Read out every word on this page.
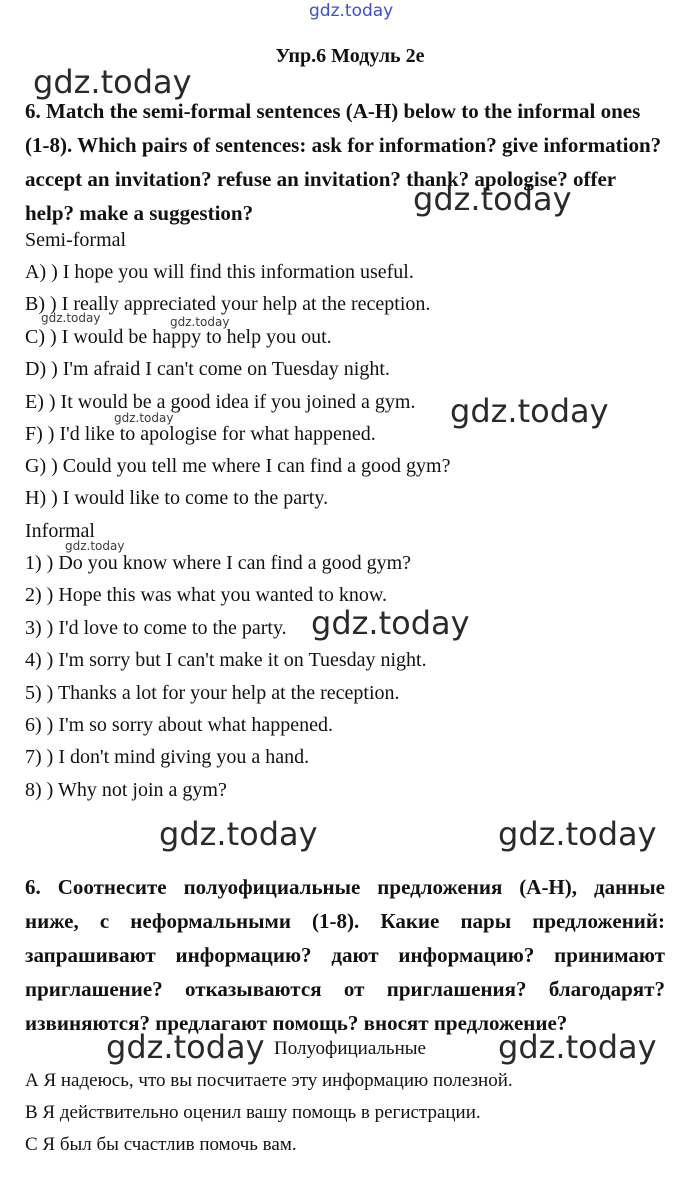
gdz.today
gdz.today
gdz.today
gdz.today	gdz.today
gdz.today
gdz.today
gdz.today
gdz.today
gdz.today	gdz.today
gdz.today	gdz.today
Упр.6 Модуль 2е
6. Match the semi-formal sentences (A-H) below to the informal ones (1-8). Which pairs of sentences: ask for information? give information? accept an invitation? refuse an invitation? thank? apologise? offer help? make a suggestion?
Semi-formal
A) ) I hope you will find this information useful.
B) ) I really appreciated your help at the reception.
C) ) I would be happy to help you out.
D) ) I'm afraid I can't come on Tuesday night.
E) ) It would be a good idea if you joined a gym.
F) ) I'd like to apologise for what happened.
G) ) Could you tell me where I can find a good gym?
H) ) I would like to come to the party.
Informal
1) ) Do you know where I can find a good gym?
2) ) Hope this was what you wanted to know.
3) ) I'd love to come to the party.
4) ) I'm sorry but I can't make it on Tuesday night.
5) ) Thanks a lot for your help at the reception.
6) ) I'm so sorry about what happened.
7) ) I don't mind giving you a hand.
8) ) Why not join a gym?
6. Соотнесите полуофициальные предложения (A-H), данные ниже, с неформальными (1-8). Какие пары предложений: запрашивают информацию? дают информацию? принимают приглашение? отказываются от приглашения? благодарят? извиняются? предлагают помощь? вносят предложение?
Полуофициальные
А Я надеюсь, что вы посчитаете эту информацию полезной.
В Я действительно оценил вашу помощь в регистрации.
С Я был бы счастлив помочь вам.
